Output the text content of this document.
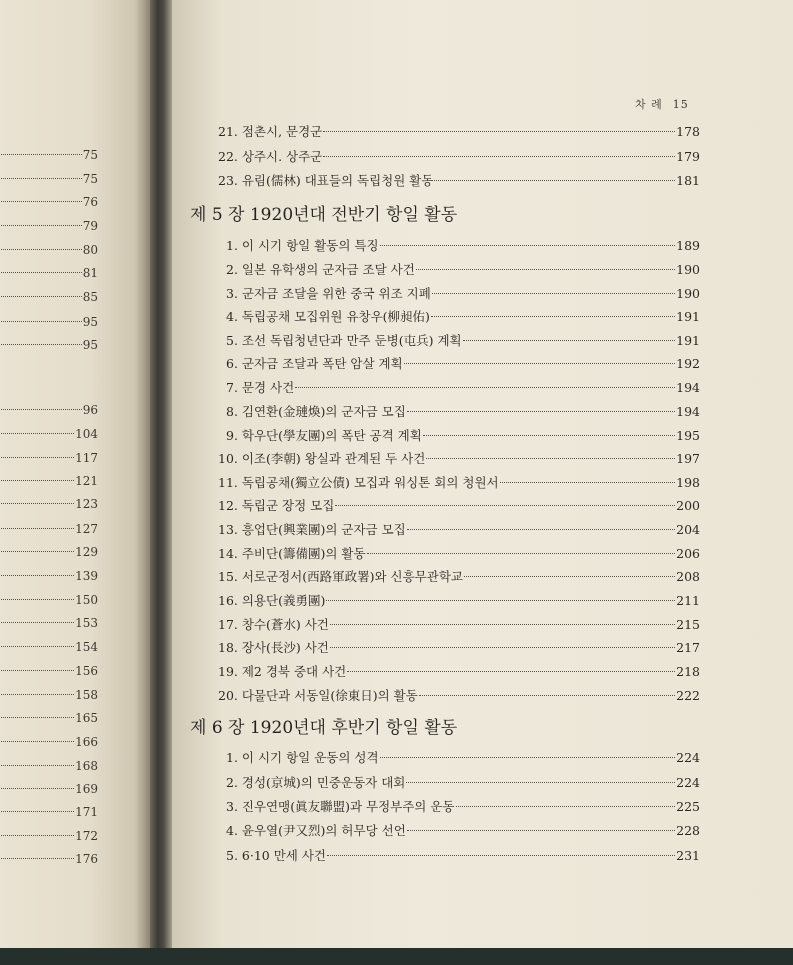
75
75
76
79
80
81
85
95
95
96
104
117
121
123
127
129
139
150
153
154
156
158
165
166
168
169
171
172
176
차 례 15
21. 점촌시, 문경군	178
22. 상주시. 상주군	179
23. 유림(儒林) 대표들의 독립청원 활동	181
제 5 장 1920년대 전반기 항일 활동
1. 이 시기 항일 활동의 특징	189
2. 일본 유학생의 군자금 조달 사건	190
3. 군자금 조달을 위한 중국 위조 지폐	190
4. 독립공채 모집위원 유창우(柳昶佑)	191
5. 조선 독립청년단과 만주 둔병(屯兵) 계획	191
6. 군자금 조달과 폭탄 암살 계획	192
7. 문경 사건	194
8. 김연환(金璉煥)의 군자금 모집	194
9. 학우단(學友團)의 폭탄 공격 계획	195
10. 이조(李朝) 왕실과 관계된 두 사건	197
11. 독립공채(獨立公債) 모집과 워싱톤 회의 청원서	198
12. 독립군 장정 모집	200
13. 흥업단(興業團)의 군자금 모집	204
14. 주비단(籌備團)의 활동	206
15. 서로군정서(西路軍政署)와 신흥무관학교	208
16. 의용단(義勇團)	211
17. 창수(蒼水) 사건	215
18. 장사(長沙) 사건	217
19. 제2 경북 중대 사건	218
20. 다물단과 서동일(徐東日)의 활동	222
제 6 장 1920년대 후반기 항일 활동
1. 이 시기 항일 운동의 성격	224
2. 경성(京城)의 민중운동자 대회	224
3. 진우연맹(眞友聯盟)과 무정부주의 운동	225
4. 윤우열(尹又烈)의 허무당 선언	228
5. 6·10 만세 사건	231
